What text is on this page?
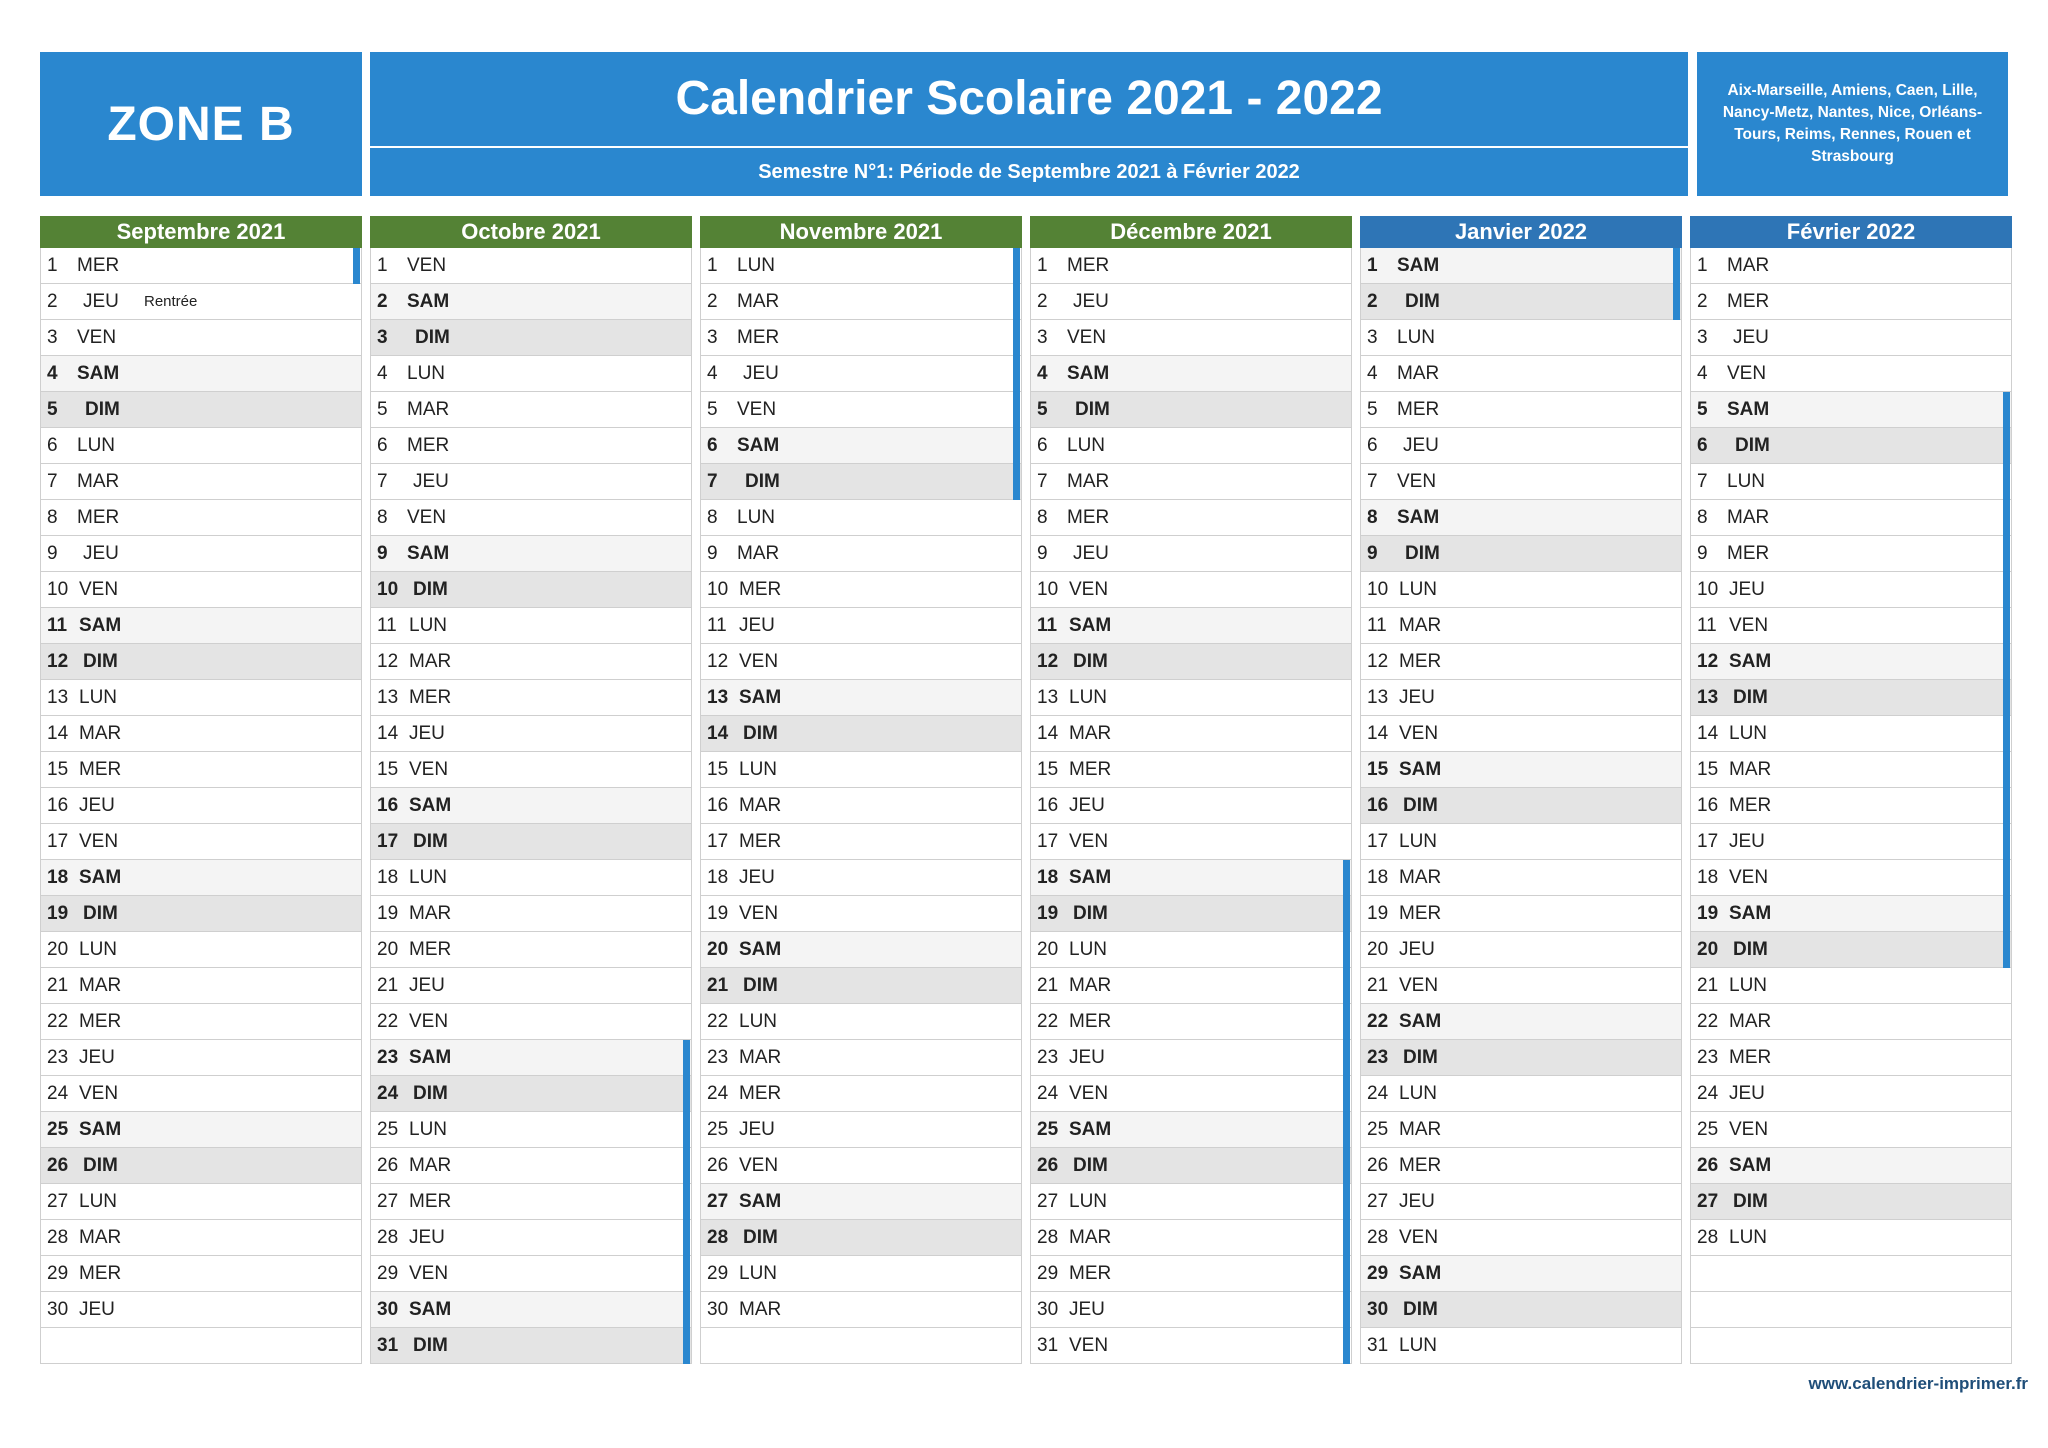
ZONE B	Calendrier Scolaire 2021 - 2022
Semestre N°1: Période de Septembre 2021 à Février 2022
Aix-Marseille, Amiens, Caen, Lille, Nancy-Metz, Nantes, Nice, Orléans-Tours, Reims, Rennes, Rouen et Strasbourg
Septembre 2021
1 MER
2 JEU Rentrée
3 VEN
4 SAM
5 DIM
6 LUN
7 MAR
8 MER
9 JEU
10 VEN
11 SAM
12 DIM
13 LUN
14 MAR
15 MER
16 JEU
17 VEN
18 SAM
19 DIM
20 LUN
21 MAR
22 MER
23 JEU
24 VEN
25 SAM
26 DIM
27 LUN
28 MAR
29 MER
30 JEU
Octobre 2021
1 VEN
2 SAM
3 DIM
4 LUN
5 MAR
6 MER
7 JEU
8 VEN
9 SAM
10 DIM
11 LUN
12 MAR
13 MER
14 JEU
15 VEN
16 SAM
17 DIM
18 LUN
19 MAR
20 MER
21 JEU
22 VEN
23 SAM
24 DIM
25 LUN
26 MAR
27 MER
28 JEU
29 VEN
30 SAM
31 DIM
Novembre 2021
1 LUN
2 MAR
3 MER
4 JEU
5 VEN
6 SAM
7 DIM
8 LUN
9 MAR
10 MER
11 JEU
12 VEN
13 SAM
14 DIM
15 LUN
16 MAR
17 MER
18 JEU
19 VEN
20 SAM
21 DIM
22 LUN
23 MAR
24 MER
25 JEU
26 VEN
27 SAM
28 DIM
29 LUN
30 MAR
Décembre 2021
1 MER
2 JEU
3 VEN
4 SAM
5 DIM
6 LUN
7 MAR
8 MER
9 JEU
10 VEN
11 SAM
12 DIM
13 LUN
14 MAR
15 MER
16 JEU
17 VEN
18 SAM
19 DIM
20 LUN
21 MAR
22 MER
23 JEU
24 VEN
25 SAM
26 DIM
27 LUN
28 MAR
29 MER
30 JEU
31 VEN
Janvier 2022
1 SAM
2 DIM
3 LUN
4 MAR
5 MER
6 JEU
7 VEN
8 SAM
9 DIM
10 LUN
11 MAR
12 MER
13 JEU
14 VEN
15 SAM
16 DIM
17 LUN
18 MAR
19 MER
20 JEU
21 VEN
22 SAM
23 DIM
24 LUN
25 MAR
26 MER
27 JEU
28 VEN
29 SAM
30 DIM
31 LUN
Février 2022
1 MAR
2 MER
3 JEU
4 VEN
5 SAM
6 DIM
7 LUN
8 MAR
9 MER
10 JEU
11 VEN
12 SAM
13 DIM
14 LUN
15 MAR
16 MER
17 JEU
18 VEN
19 SAM
20 DIM
21 LUN
22 MAR
23 MER
24 JEU
25 VEN
26 SAM
27 DIM
28 LUN
www.calendrier-imprimer.fr
